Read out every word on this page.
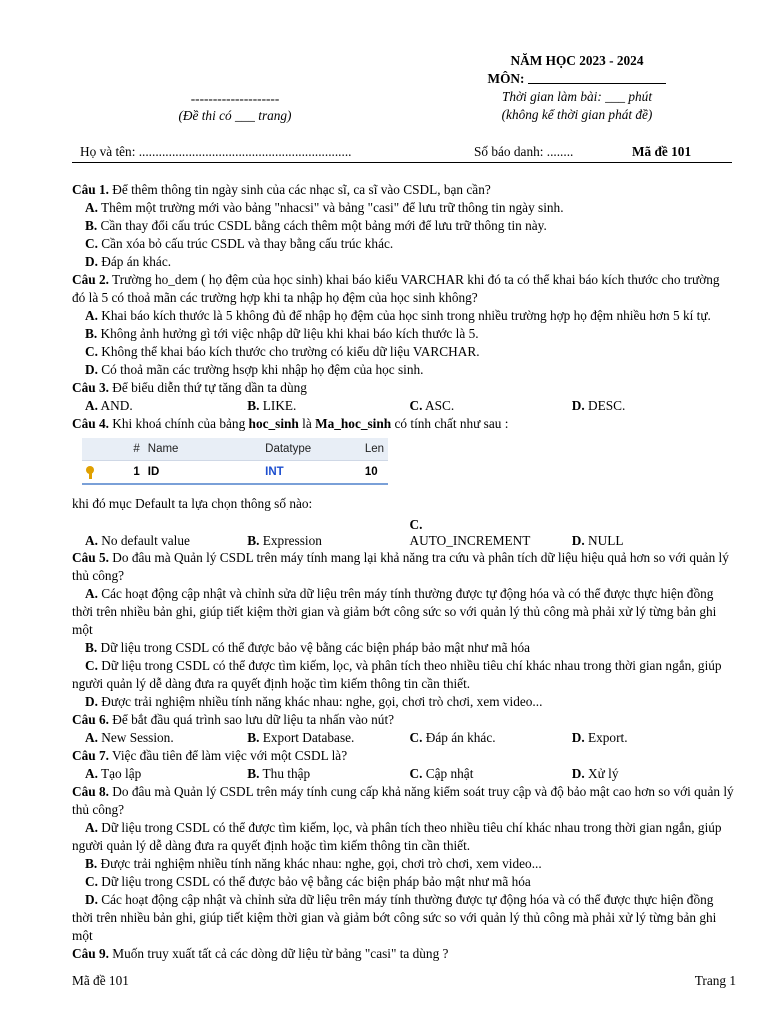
--------------------
(Đề thi có ___ trang)
NĂM HỌC 2023 - 2024
MÔN:
Thời gian làm bài: ___ phút
(không kể thời gian phát đề)
Họ và tên: ................................................................	Số báo danh: ........	Mã đề 101

Câu 1. Để thêm thông tin ngày sinh của các nhạc sĩ, ca sĩ vào CSDL, bạn cần?

A. Thêm một trường mới vào bảng "nhacsi" và bảng "casi" để lưu trữ thông tin ngày sinh.

B. Cần thay đổi cấu trúc CSDL bằng cách thêm một bảng mới để lưu trữ thông tin này.

C. Cần xóa bỏ cấu trúc CSDL và thay bằng cấu trúc khác.

D. Đáp án khác.

Câu 2. Trường ho_dem ( họ đệm của học sinh) khai báo kiểu VARCHAR khi đó ta có thể khai báo kích thước cho trường đó là 5 có thoả mãn các trường hợp khi ta nhập họ đệm của học sinh không?

A. Khai báo kích thước là 5 không đủ để nhập họ đệm của học sinh trong nhiều trường hợp họ đệm nhiều hơn 5 kí tự.

B. Không ảnh hưởng gì tới việc nhập dữ liệu khi khai báo kích thước là 5.

C. Không thể khai báo kích thước cho trường có kiểu dữ liệu VARCHAR.

D. Có thoả mãn các trường hsợp khi nhập họ đệm của học sinh.

Câu 3. Để biểu diễn thứ tự tăng dần ta dùng

A. AND.	B. LIKE.	C. ASC.	D. DESC.

Câu 4. Khi khoá chính của bảng hoc_sinh là Ma_hoc_sinh có tính chất như sau :

	#	Name	Datatype	Len
	1	ID	INT	10

khi đó mục Default ta lựa chọn thông số nào:

A. No default value	B. Expression
C.
AUTO_INCREMENT	D. NULL

Câu 5. Do đâu mà Quản lý CSDL trên máy tính mang lại khả năng tra cứu và phân tích dữ liệu hiệu quả hơn so với quản lý thủ công?

A. Các hoạt động cập nhật và chỉnh sửa dữ liệu trên máy tính thường được tự động hóa và có thể được thực hiện đồng thời trên nhiều bản ghi, giúp tiết kiệm thời gian và giảm bớt công sức so với quản lý thủ công mà phải xử lý từng bản ghi một

B. Dữ liệu trong CSDL có thể được bảo vệ bằng các biện pháp bảo mật như mã hóa

C. Dữ liệu trong CSDL có thể được tìm kiếm, lọc, và phân tích theo nhiều tiêu chí khác nhau trong thời gian ngắn, giúp người quản lý dễ dàng đưa ra quyết định hoặc tìm kiếm thông tin cần thiết.

D. Được trải nghiệm nhiều tính năng khác nhau: nghe, gọi, chơi trò chơi, xem video...

Câu 6. Để bắt đầu quá trình sao lưu dữ liệu ta nhấn vào nút?

A. New Session.	B. Export Database.	C. Đáp án khác.	D. Export.

Câu 7. Việc đầu tiên để làm việc với một CSDL là?

A. Tạo lập	B. Thu thập	C. Cập nhật	D. Xử lý

Câu 8. Do đâu mà Quản lý CSDL trên máy tính cung cấp khả năng kiểm soát truy cập và độ bảo mật cao hơn so với quản lý thủ công?

A. Dữ liệu trong CSDL có thể được tìm kiếm, lọc, và phân tích theo nhiều tiêu chí khác nhau trong thời gian ngắn, giúp người quản lý dễ dàng đưa ra quyết định hoặc tìm kiếm thông tin cần thiết.

B. Được trải nghiệm nhiều tính năng khác nhau: nghe, gọi, chơi trò chơi, xem video...

C. Dữ liệu trong CSDL có thể được bảo vệ bằng các biện pháp bảo mật như mã hóa

D. Các hoạt động cập nhật và chỉnh sửa dữ liệu trên máy tính thường được tự động hóa và có thể được thực hiện đồng thời trên nhiều bản ghi, giúp tiết kiệm thời gian và giảm bớt công sức so với quản lý thủ công mà phải xử lý từng bản ghi một

Câu 9. Muốn truy xuất tất cả các dòng dữ liệu từ bảng "casi" ta dùng ?

Mã đề 101	Trang 1
